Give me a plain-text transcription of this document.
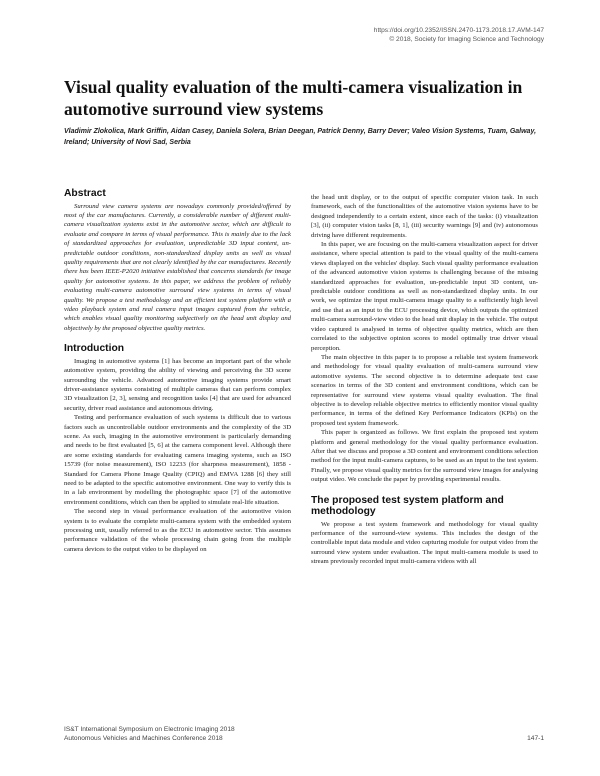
https://doi.org/10.2352/ISSN.2470-1173.2018.17.AVM-147
© 2018, Society for Imaging Science and Technology
Visual quality evaluation of the multi-camera visualization in automotive surround view systems

Vladimir Zlokolica, Mark Griffin, Aidan Casey, Daniela Solera, Brian Deegan, Patrick Denny, Barry Dever; Valeo Vision Systems, Tuam, Galway, Ireland; University of Novi Sad, Serbia

Abstract

Surround view camera systems are nowadays commonly provided/offered by most of the car manufactures. Currently, a considerable number of different multi-camera visualization systems exist in the automotive sector, which are difficult to evaluate and compare in terms of visual performance. This is mainly due to the lack of standardized approaches for evaluation, unpredictable 3D input content, un-predictable outdoor conditions, non-standardized display units as well as visual quality requirements that are not clearly identified by the car manufactures. Recently there has been IEEE-P2020 initiative established that concerns standards for image quality for automotive systems. In this paper, we address the problem of reliably evaluating multi-camera automotive surround view systems in terms of visual quality. We propose a test methodology and an efficient test system platform with a video playback system and real camera input images captured from the vehicle, which enables visual quality monitoring subjectively on the head unit display and objectively by the proposed objective quality metrics.

Introduction

Imaging in automotive systems [1] has become an important part of the whole automotive system, providing the ability of viewing and perceiving the 3D scene surrounding the vehicle. Advanced automotive imaging systems provide smart driver-assistance systems consisting of multiple cameras that can perform complex 3D visualization [2, 3], sensing and recognition tasks [4] that are used for advanced security, driver road assistance and autonomous driving.

Testing and performance evaluation of such systems is difficult due to various factors such as uncontrollable outdoor environments and the complexity of the 3D scene. As such, imaging in the automotive environment is particularly demanding and needs to be first evaluated [5, 6] at the camera component level. Although there are some existing standards for evaluating camera imaging systems, such as ISO 15739 (for noise measurement), ISO 12233 (for sharpness measurement), 1858 - Standard for Camera Phone Image Quality (CPIQ) and EMVA 1288 [6] they still need to be adapted to the specific automotive environment. One way to verify this is in a lab environment by modelling the photographic space [7] of the automotive environment conditions, which can then be applied to simulate real-life situation.

The second step in visual performance evaluation of the automotive vision system is to evaluate the complete multi-camera system with the embedded system processing unit, usually referred to as the ECU in automotive sector. This assumes performance validation of the whole processing chain going from the multiple camera devices to the output video to be displayed on

the head unit display, or to the output of specific computer vision task. In such framework, each of the functionalities of the automotive vision systems have to be designed independently to a certain extent, since each of the tasks: (i) visualization [3], (ii) computer vision tasks [8, 1], (iii) security warnings [9] and (iv) autonomous driving have different requirements.

In this paper, we are focusing on the multi-camera visualization aspect for driver assistance, where special attention is paid to the visual quality of the multi-camera views displayed on the vehicles' display. Such visual quality performance evaluation of the advanced automotive vision systems is challenging because of the missing standardized approaches for evaluation, un-predictable input 3D content, un-predictable outdoor conditions as well as non-standardized display units. In our work, we optimize the input multi-camera image quality to a sufficiently high level and use that as an input to the ECU processing device, which outputs the optimized multi-camera surround-view video to the head unit display in the vehicle. The output video captured is analysed in terms of objective quality metrics, which are then correlated to the subjective opinion scores to model optimally true driver visual perception.

The main objective in this paper is to propose a reliable test system framework and methodology for visual quality evaluation of multi-camera surround view automotive systems. The second objective is to determine adequate test case scenarios in terms of the 3D content and environment conditions, which can be representative for surround view systems visual quality evaluation. The final objective is to develop reliable objective metrics to efficiently monitor visual quality performance, in terms of the defined Key Performance Indicators (KPIs) on the proposed test system framework.

This paper is organized as follows. We first explain the proposed test system platform and general methodology for the visual quality performance evaluation. After that we discuss and propose a 3D content and environment conditions selection method for the input multi-camera captures, to be used as an input to the test system. Finally, we propose visual quality metrics for the surround view images for analysing output video. We conclude the paper by providing experimental results.

The proposed test system platform and methodology

We propose a test system framework and methodology for visual quality performance of the surround-view systems. This includes the design of the controllable input data module and video capturing module for output video from the surround view system under evaluation. The input multi-camera module is used to stream previously recorded input multi-camera videos with all

IS&T International Symposium on Electronic Imaging 2018
Autonomous Vehicles and Machines Conference 2018	147-1
